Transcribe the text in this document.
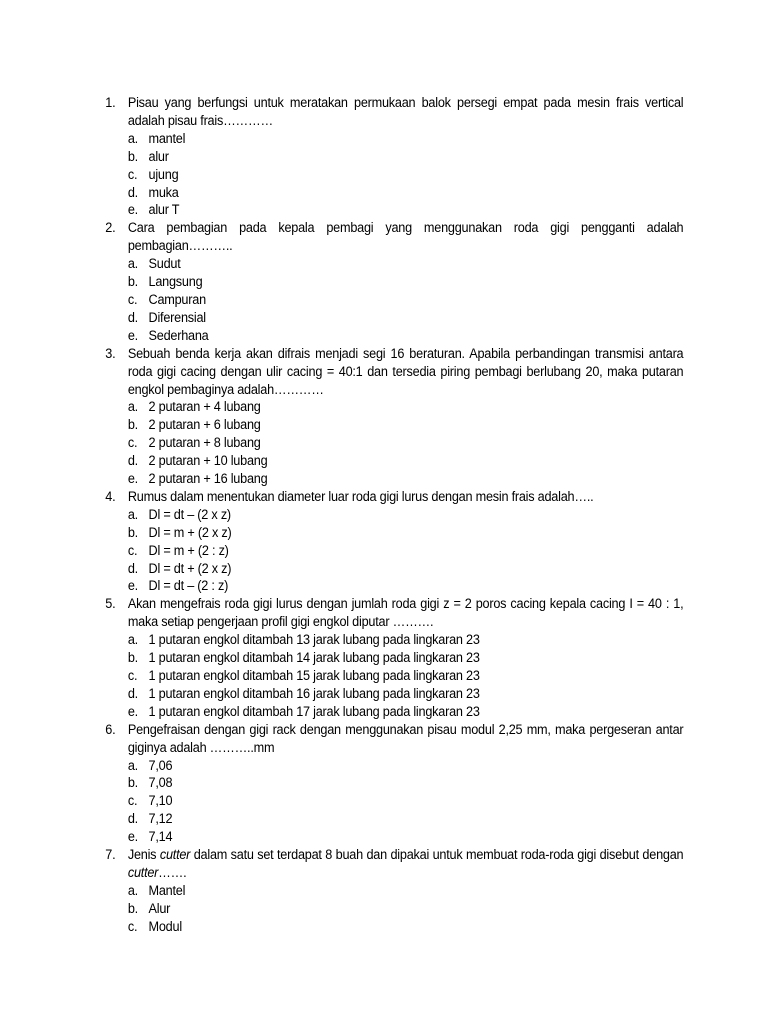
1. Pisau yang berfungsi untuk meratakan permukaan balok persegi empat pada mesin frais vertical adalah pisau frais…………
a. mantel
b. alur
c. ujung
d. muka
e. alur T
2. Cara pembagian pada kepala pembagi yang menggunakan roda gigi pengganti adalah pembagian………..
a. Sudut
b. Langsung
c. Campuran
d. Diferensial
e. Sederhana
3. Sebuah benda kerja akan difrais menjadi segi 16 beraturan. Apabila perbandingan transmisi antara roda gigi cacing dengan ulir cacing = 40:1 dan tersedia piring pembagi berlubang 20, maka putaran engkol pembaginya adalah…………
a. 2 putaran + 4 lubang
b. 2 putaran + 6 lubang
c. 2 putaran + 8 lubang
d. 2 putaran + 10 lubang
e. 2 putaran + 16 lubang
4. Rumus dalam menentukan diameter luar roda gigi lurus dengan mesin frais adalah…..
a. Dl = dt – (2 x z)
b. Dl = m + (2 x z)
c. Dl = m + (2 : z)
d. Dl = dt + (2 x z)
e. Dl = dt – (2 : z)
5. Akan mengefrais roda gigi lurus dengan jumlah roda gigi z = 2 poros cacing kepala cacing I = 40 : 1, maka setiap pengerjaan profil gigi engkol diputar ……….
a. 1 putaran engkol ditambah 13 jarak lubang pada lingkaran 23
b. 1 putaran engkol ditambah 14 jarak lubang pada lingkaran 23
c. 1 putaran engkol ditambah 15 jarak lubang pada lingkaran 23
d. 1 putaran engkol ditambah 16 jarak lubang pada lingkaran 23
e. 1 putaran engkol ditambah 17 jarak lubang pada lingkaran 23
6. Pengefraisan dengan gigi rack dengan menggunakan pisau modul 2,25 mm, maka pergeseran antar giginya adalah ………..mm
a. 7,06
b. 7,08
c. 7,10
d. 7,12
e. 7,14
7. Jenis cutter dalam satu set terdapat 8 buah dan dipakai untuk membuat roda-roda gigi disebut dengan cutter…….
a. Mantel
b. Alur
c. Modul
